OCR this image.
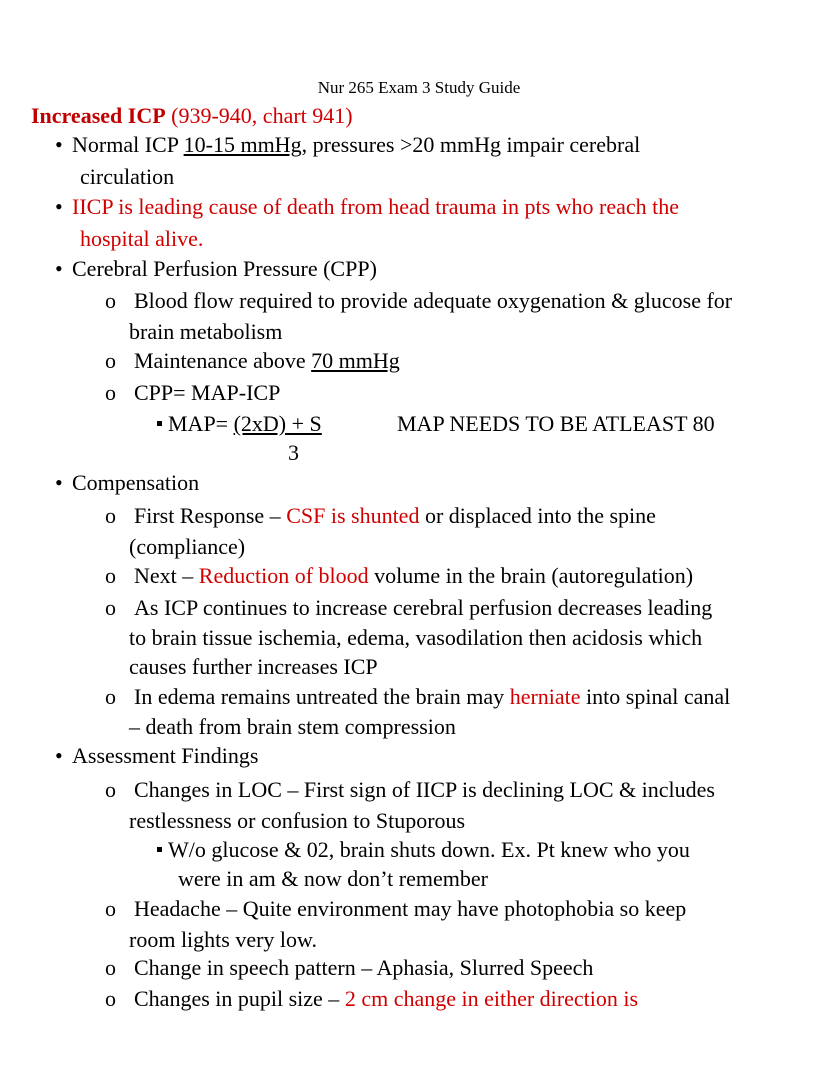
Nur 265 Exam 3 Study Guide
Increased ICP (939-940, chart 941)
• Normal ICP 10-15 mmHg, pressures >20 mmHg impair cerebral
circulation
• IICP is leading cause of death from head trauma in pts who reach the
hospital alive.
• Cerebral Perfusion Pressure (CPP)
o Blood flow required to provide adequate oxygenation & glucose for
brain metabolism
o Maintenance above 70 mmHg
o CPP= MAP-ICP
MAP= (2xD) + S	MAP NEEDS TO BE ATLEAST 80
3
• Compensation
o First Response – CSF is shunted or displaced into the spine
(compliance)
o Next – Reduction of blood volume in the brain (autoregulation)
o As ICP continues to increase cerebral perfusion decreases leading
to brain tissue ischemia, edema, vasodilation then acidosis which
causes further increases ICP
o In edema remains untreated the brain may herniate into spinal canal
– death from brain stem compression
• Assessment Findings
o Changes in LOC – First sign of IICP is declining LOC & includes
restlessness or confusion to Stuporous
W/o glucose & 02, brain shuts down. Ex. Pt knew who you
were in am & now don’t remember
o Headache – Quite environment may have photophobia so keep
room lights very low.
o Change in speech pattern – Aphasia, Slurred Speech
o Changes in pupil size – 2 cm change in either direction is
